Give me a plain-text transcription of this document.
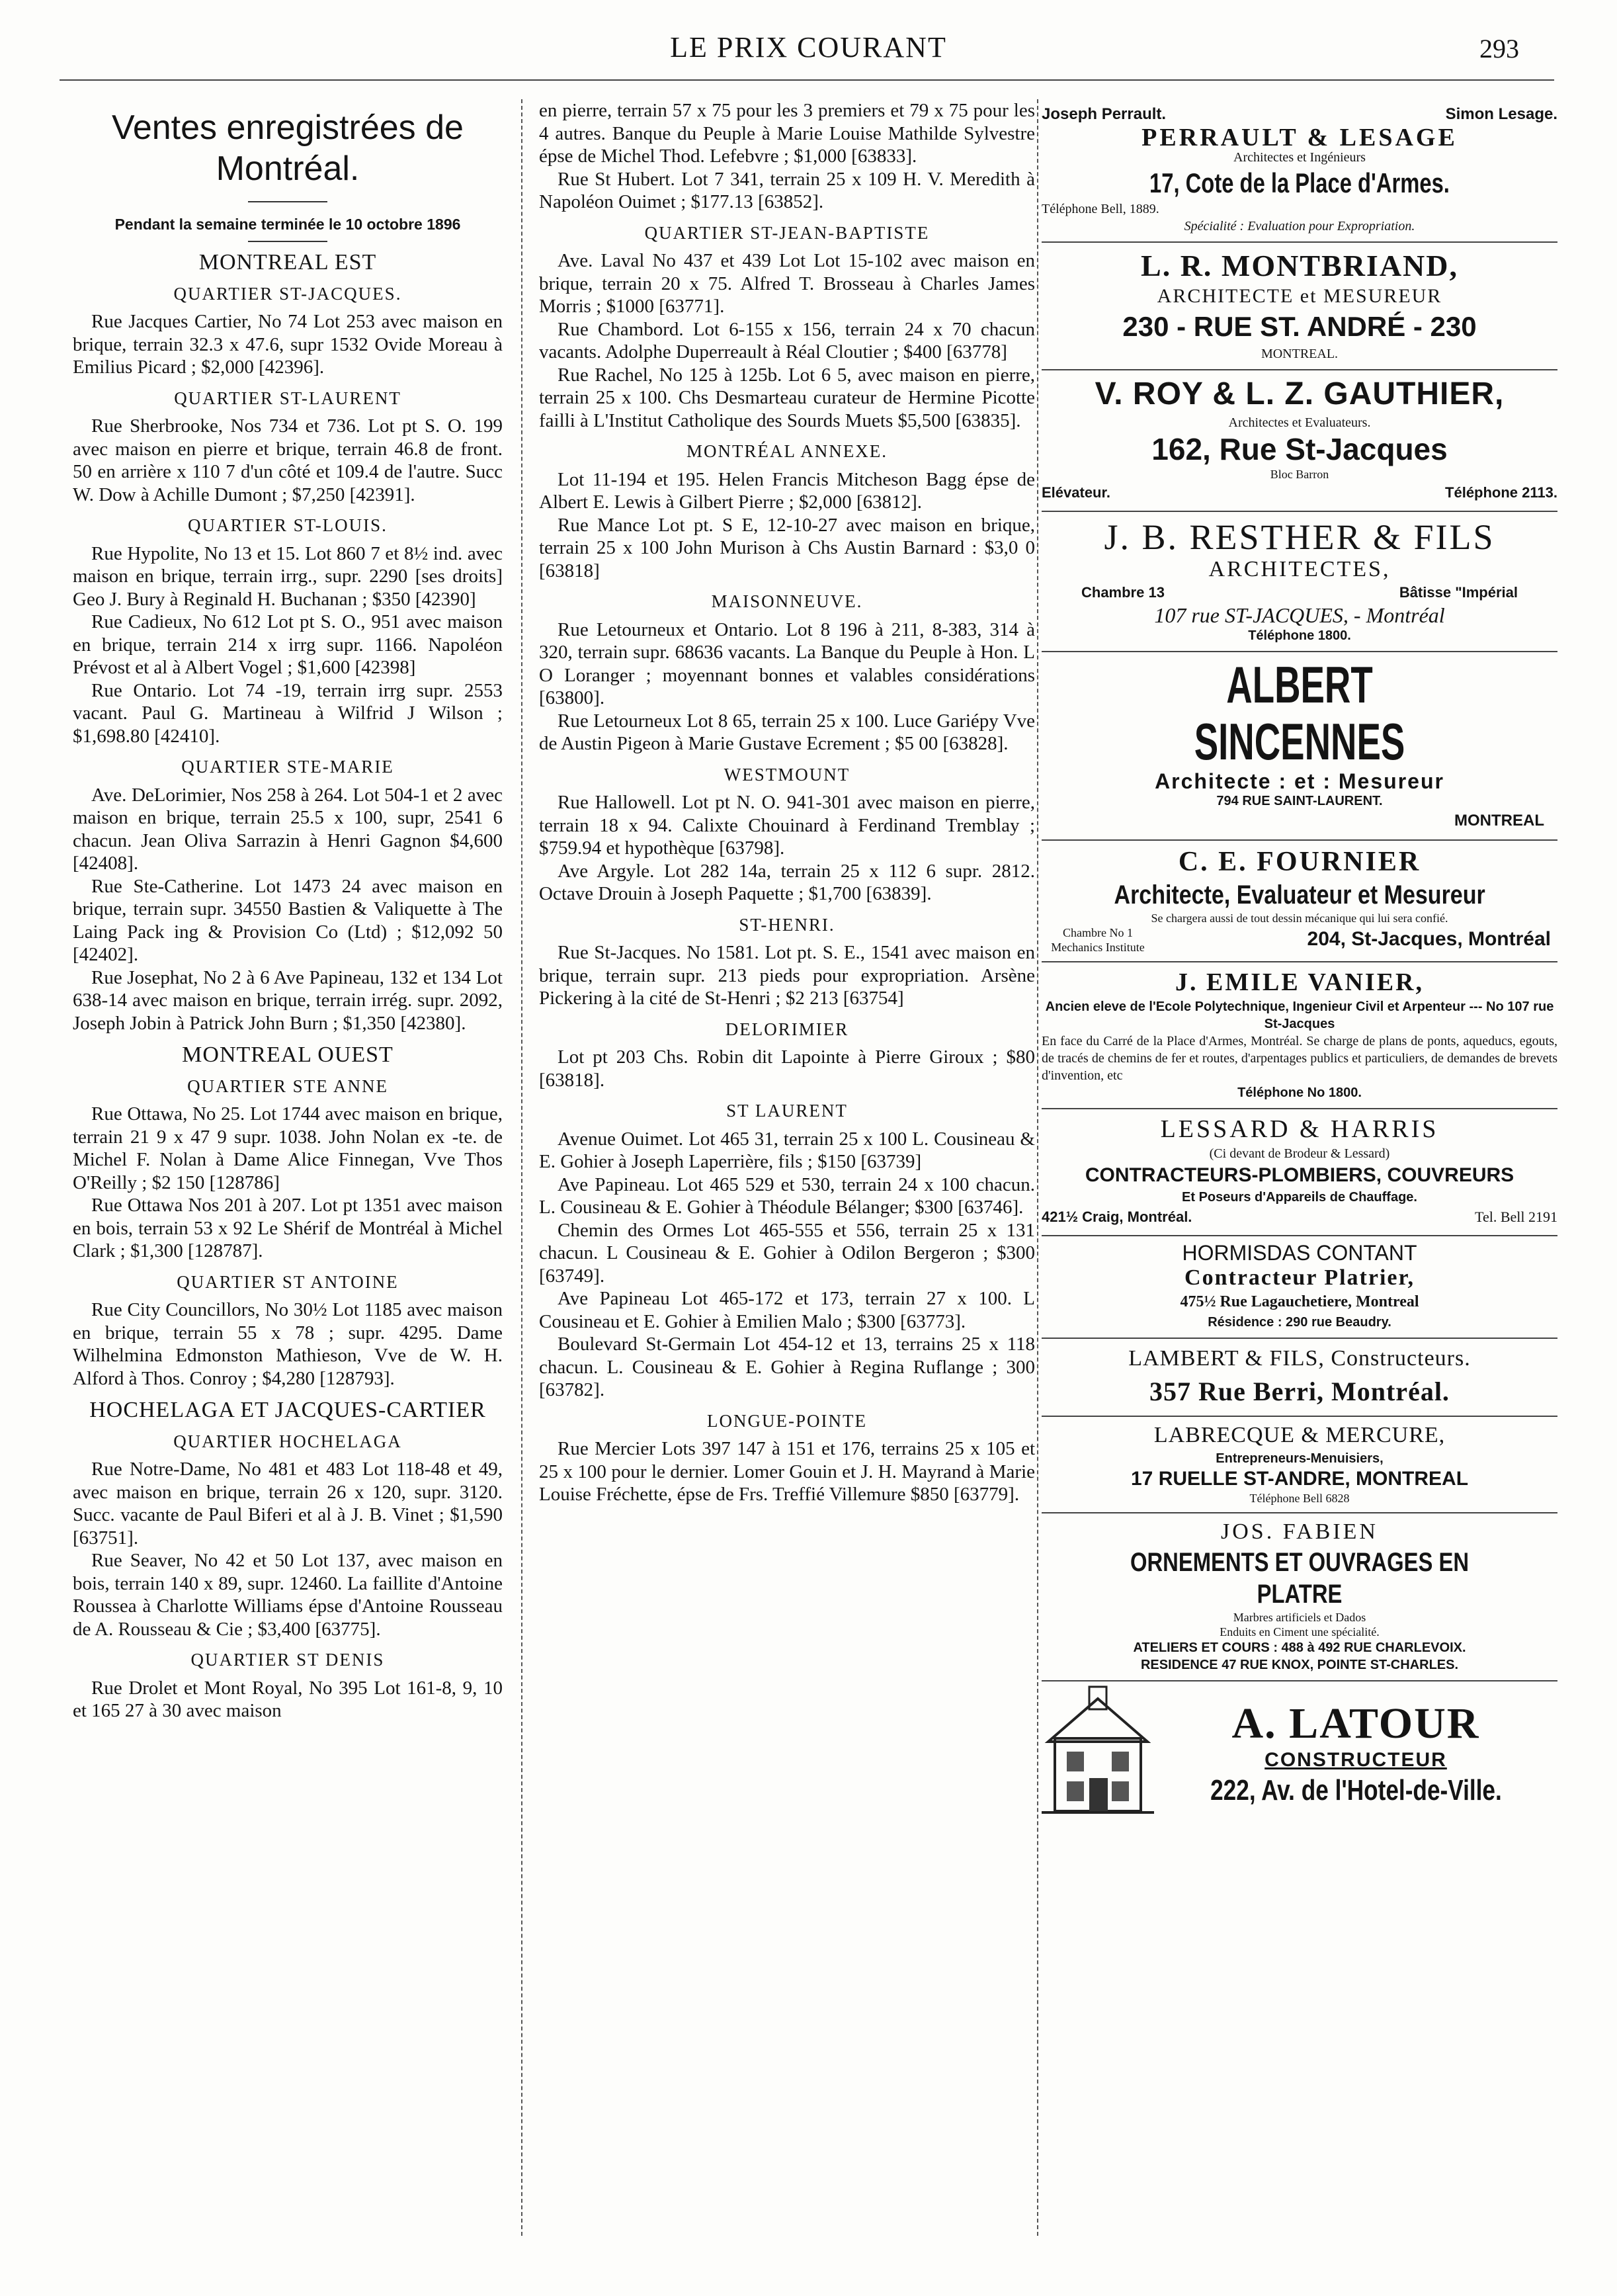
LE PRIX COURANT	293
Ventes enregistrées de Montréal.
Pendant la semaine terminée le 10 octobre 1896
MONTREAL EST
QUARTIER ST-JACQUES.

Rue Jacques Cartier, No 74 Lot 253 avec maison en brique, terrain 32.3 x 47.6, supr 1532 Ovide Moreau à Emilius Picard ; $2,000 [42396].

QUARTIER ST-LAURENT

Rue Sherbrooke, Nos 734 et 736. Lot pt S. O. 199 avec maison en pierre et brique, terrain 46.8 de front. 50 en arrière x 110 7 d'un côté et 109.4 de l'autre. Succ W. Dow à Achille Dumont ; $7,250 [42391].

QUARTIER ST-LOUIS.

Rue Hypolite, No 13 et 15. Lot 860 7 et 8½ ind. avec maison en brique, terrain irrg., supr. 2290 [ses droits] Geo J. Bury à Reginald H. Buchanan ; $350 [42390]

Rue Cadieux, No 612 Lot pt S. O., 951 avec maison en brique, terrain 214 x irrg supr. 1166. Napoléon Prévost et al à Albert Vogel ; $1,600 [42398]

Rue Ontario. Lot 74 -19, terrain irrg supr. 2553 vacant. Paul G. Martineau à Wilfrid J Wilson ; $1,698.80 [42410].

QUARTIER STE-MARIE

Ave. DeLorimier, Nos 258 à 264. Lot 504-1 et 2 avec maison en brique, terrain 25.5 x 100, supr, 2541 6 chacun. Jean Oliva Sarrazin à Henri Gagnon $4,600 [42408].

Rue Ste-Catherine. Lot 1473 24 avec maison en brique, terrain supr. 34550 Bastien & Valiquette à The Laing Pack ing & Provision Co (Ltd) ; $12,092 50 [42402].

Rue Josephat, No 2 à 6 Ave Papineau, 132 et 134 Lot 638-14 avec maison en brique, terrain irrég. supr. 2092, Joseph Jobin à Patrick John Burn ; $1,350 [42380].

MONTREAL OUEST
QUARTIER STE ANNE

Rue Ottawa, No 25. Lot 1744 avec maison en brique, terrain 21 9 x 47 9 supr. 1038. John Nolan ex -te. de Michel F. Nolan à Dame Alice Finnegan, Vve Thos O'Reilly ; $2 150 [128786]

Rue Ottawa Nos 201 à 207. Lot pt 1351 avec maison en bois, terrain 53 x 92 Le Shérif de Montréal à Michel Clark ; $1,300 [128787].

QUARTIER ST ANTOINE

Rue City Councillors, No 30½ Lot 1185 avec maison en brique, terrain 55 x 78 ; supr. 4295. Dame Wilhelmina Edmonston Mathieson, Vve de W. H. Alford à Thos. Conroy ; $4,280 [128793].

HOCHELAGA ET JACQUES-CARTIER
QUARTIER HOCHELAGA

Rue Notre-Dame, No 481 et 483 Lot 118-48 et 49, avec maison en brique, terrain 26 x 120, supr. 3120. Succ. vacante de Paul Biferi et al à J. B. Vinet ; $1,590 [63751].

Rue Seaver, No 42 et 50 Lot 137, avec maison en bois, terrain 140 x 89, supr. 12460. La faillite d'Antoine Roussea à Charlotte Williams épse d'Antoine Rousseau de A. Rousseau & Cie ; $3,400 [63775].

QUARTIER ST DENIS

Rue Drolet et Mont Royal, No 395 Lot 161-8, 9, 10 et 165 27 à 30 avec maison

en pierre, terrain 57 x 75 pour les 3 premiers et 79 x 75 pour les 4 autres. Banque du Peuple à Marie Louise Mathilde Sylvestre épse de Michel Thod. Lefebvre ; $1,000 [63833].

Rue St Hubert. Lot 7 341, terrain 25 x 109 H. V. Meredith à Napoléon Ouimet ; $177.13 [63852].

QUARTIER ST-JEAN-BAPTISTE

Ave. Laval No 437 et 439 Lot Lot 15-102 avec maison en brique, terrain 20 x 75. Alfred T. Brosseau à Charles James Morris ; $1000 [63771].

Rue Chambord. Lot 6-155 x 156, terrain 24 x 70 chacun vacants. Adolphe Duperreault à Réal Cloutier ; $400 [63778]

Rue Rachel, No 125 à 125b. Lot 6 5, avec maison en pierre, terrain 25 x 100. Chs Desmarteau curateur de Hermine Picotte failli à L'Institut Catholique des Sourds Muets $5,500 [63835].

MONTRÉAL ANNEXE.

Lot 11-194 et 195. Helen Francis Mitcheson Bagg épse de Albert E. Lewis à Gilbert Pierre ; $2,000 [63812].

Rue Mance Lot pt. S E, 12-10-27 avec maison en brique, terrain 25 x 100 John Murison à Chs Austin Barnard : $3,0 0 [63818]

MAISONNEUVE.

Rue Letourneux et Ontario. Lot 8 196 à 211, 8-383, 314 à 320, terrain supr. 68636 vacants. La Banque du Peuple à Hon. L O Loranger ; moyennant bonnes et valables considérations [63800].

Rue Letourneux Lot 8 65, terrain 25 x 100. Luce Gariépy Vve de Austin Pigeon à Marie Gustave Ecrement ; $5 00 [63828].

WESTMOUNT

Rue Hallowell. Lot pt N. O. 941-301 avec maison en pierre, terrain 18 x 94. Calixte Chouinard à Ferdinand Tremblay ; $759.94 et hypothèque [63798].

Ave Argyle. Lot 282 14a, terrain 25 x 112 6 supr. 2812. Octave Drouin à Joseph Paquette ; $1,700 [63839].

ST-HENRI.

Rue St-Jacques. No 1581. Lot pt. S. E., 1541 avec maison en brique, terrain supr. 213 pieds pour expropriation. Arsène Pickering à la cité de St-Henri ; $2 213 [63754]

DELORIMIER

Lot pt 203 Chs. Robin dit Lapointe à Pierre Giroux ; $80 [63818].

ST LAURENT

Avenue Ouimet. Lot 465 31, terrain 25 x 100 L. Cousineau & E. Gohier à Joseph Laperrière, fils ; $150 [63739]

Ave Papineau. Lot 465 529 et 530, terrain 24 x 100 chacun. L. Cousineau & E. Gohier à Théodule Bélanger; $300 [63746].

Chemin des Ormes Lot 465-555 et 556, terrain 25 x 131 chacun. L Cousineau & E. Gohier à Odilon Bergeron ; $300 [63749].

Ave Papineau Lot 465-172 et 173, terrain 27 x 100. L Cousineau et E. Gohier à Emilien Malo ; $300 [63773].

Boulevard St-Germain Lot 454-12 et 13, terrains 25 x 118 chacun. L. Cousineau & E. Gohier à Regina Ruflange ; 300 [63782].

LONGUE-POINTE

Rue Mercier Lots 397 147 à 151 et 176, terrains 25 x 105 et 25 x 100 pour le dernier. Lomer Gouin et J. H. Mayrand à Marie Louise Fréchette, épse de Frs. Treffié Villemure $850 [63779].

Joseph Perrault.	Simon Lesage.
PERRAULT & LESAGE
Architectes et Ingénieurs
17, Cote de la Place d'Armes.
Téléphone Bell, 1889.
Spécialité : Evaluation pour Expropriation.
L. R. MONTBRIAND,
ARCHITECTE et MESUREUR
230 - RUE ST. ANDRÉ - 230
MONTREAL.
V. ROY & L. Z. GAUTHIER,
Architectes et Evaluateurs.
162, Rue St-Jacques
Bloc Barron
Elévateur.	Téléphone 2113.
J. B. RESTHER & FILS
ARCHITECTES,
Chambre 13	Bâtisse "Impérial
107 rue ST-JACQUES, - Montréal
Téléphone 1800.
ALBERT SINCENNES
Architecte : et : Mesureur
794 RUE SAINT-LAURENT.
MONTREAL
C. E. FOURNIER
Architecte, Evaluateur et Mesureur
Se chargera aussi de tout dessin mécanique qui lui sera confié.
Chambre No 1 Mechanics Institute	204, St-Jacques, Montréal
J. EMILE VANIER,
Ancien eleve de l'Ecole Polytechnique, Ingenieur Civil et Arpenteur --- No 107 rue St-Jacques
En face du Carré de la Place d'Armes, Montréal. Se charge de plans de ponts, aqueducs, egouts, de tracés de chemins de fer et routes, d'arpentages publics et particuliers, de demandes de brevets d'invention, etc
Téléphone No 1800.
LESSARD & HARRIS
(Ci devant de Brodeur & Lessard)
CONTRACTEURS-PLOMBIERS, COUVREURS
Et Poseurs d'Appareils de Chauffage.
421½ Craig, Montréal.	Tel. Bell 2191
HORMISDAS CONTANT
Contracteur Platrier,
475½ Rue Lagauchetiere, Montreal
Résidence : 290 rue Beaudry.
LAMBERT & FILS, Constructeurs.
357 Rue Berri, Montréal.
LABRECQUE & MERCURE,
Entrepreneurs-Menuisiers,
17 RUELLE ST-ANDRE, MONTREAL
Téléphone Bell 6828
JOS. FABIEN
ORNEMENTS ET OUVRAGES EN PLATRE
Marbres artificiels et Dados
Enduits en Ciment une spécialité.
ATELIERS ET COURS : 488 à 492 RUE CHARLEVOIX.
RESIDENCE 47 RUE KNOX, POINTE ST-CHARLES.
A. LATOUR
CONSTRUCTEUR
222, Av. de l'Hotel-de-Ville.
